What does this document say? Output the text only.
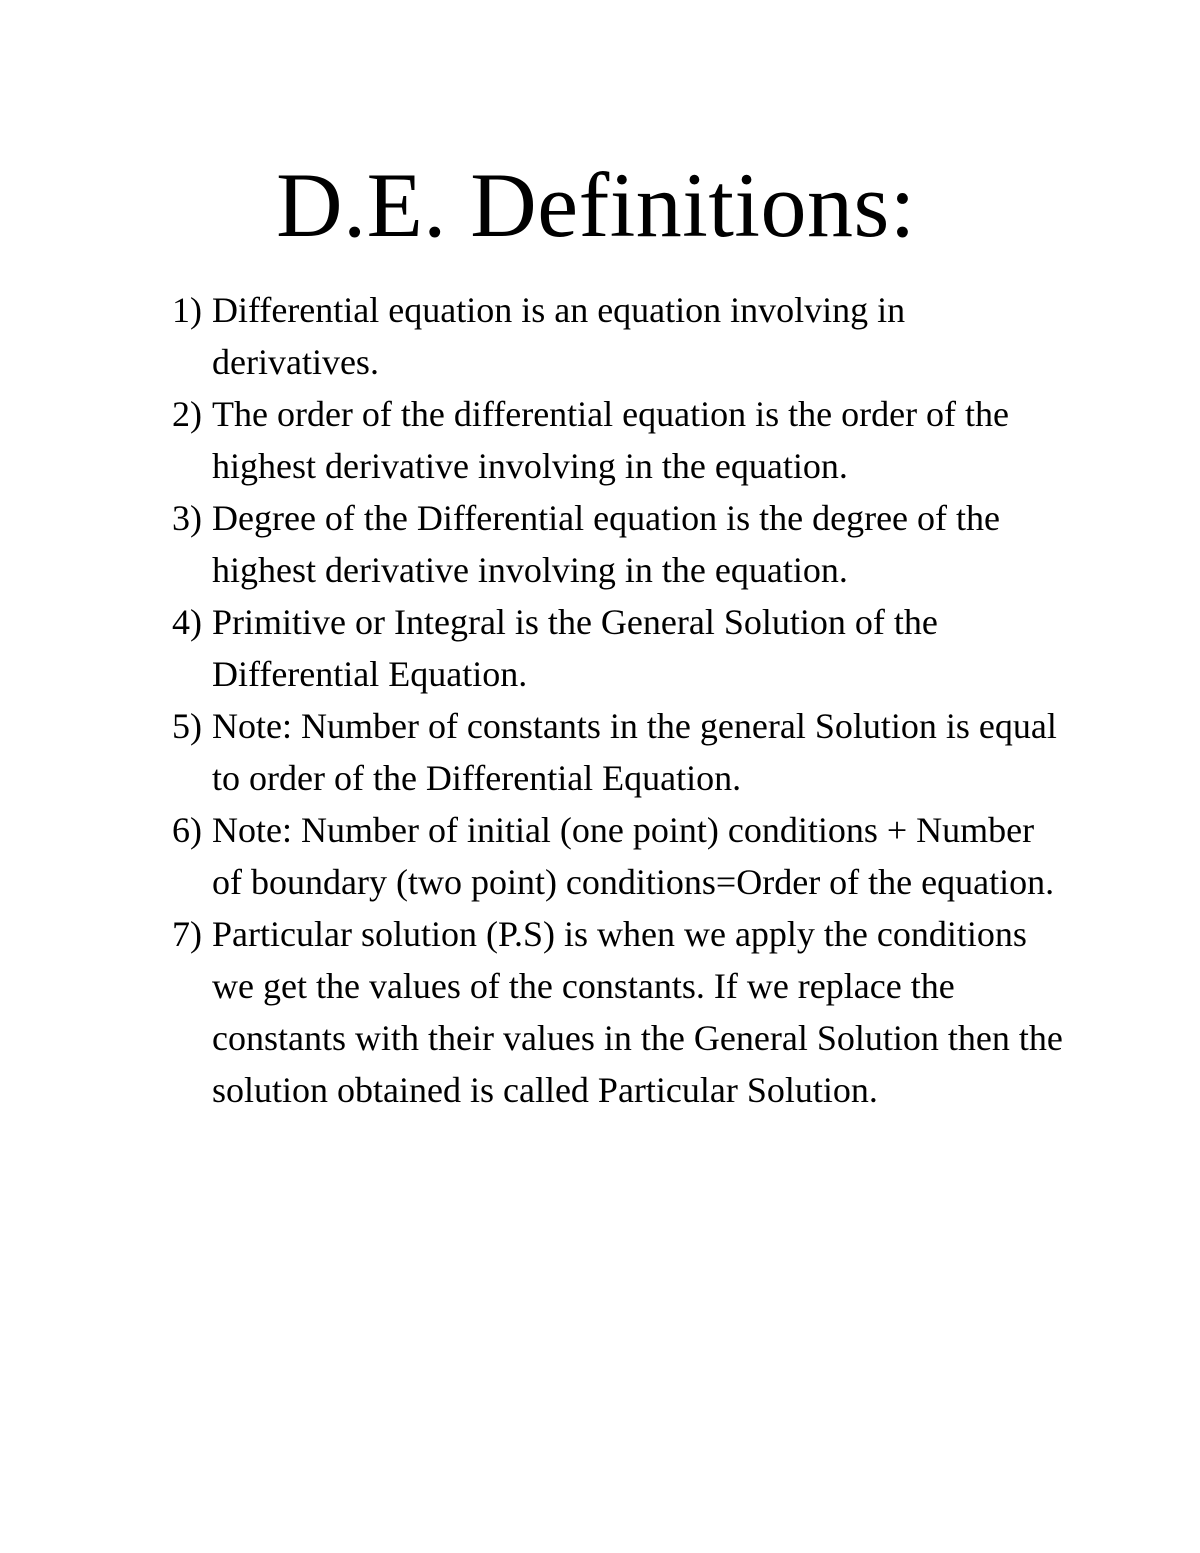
D.E. Definitions:
1) Differential equation is an equation involving in derivatives.
2) The order of the differential equation is the order of the highest derivative involving in the equation.
3) Degree of the Differential equation is the degree of the highest derivative involving in the equation.
4) Primitive or Integral is the General Solution of the Differential Equation.
5) Note: Number of constants in the general Solution is equal to order of the Differential Equation.
6) Note: Number of initial (one point) conditions + Number of boundary (two point) conditions=Order of the equation.
7) Particular solution (P.S) is when we apply the conditions we get the values of the constants. If we replace the constants with their values in the General Solution then the solution obtained is called Particular Solution.
